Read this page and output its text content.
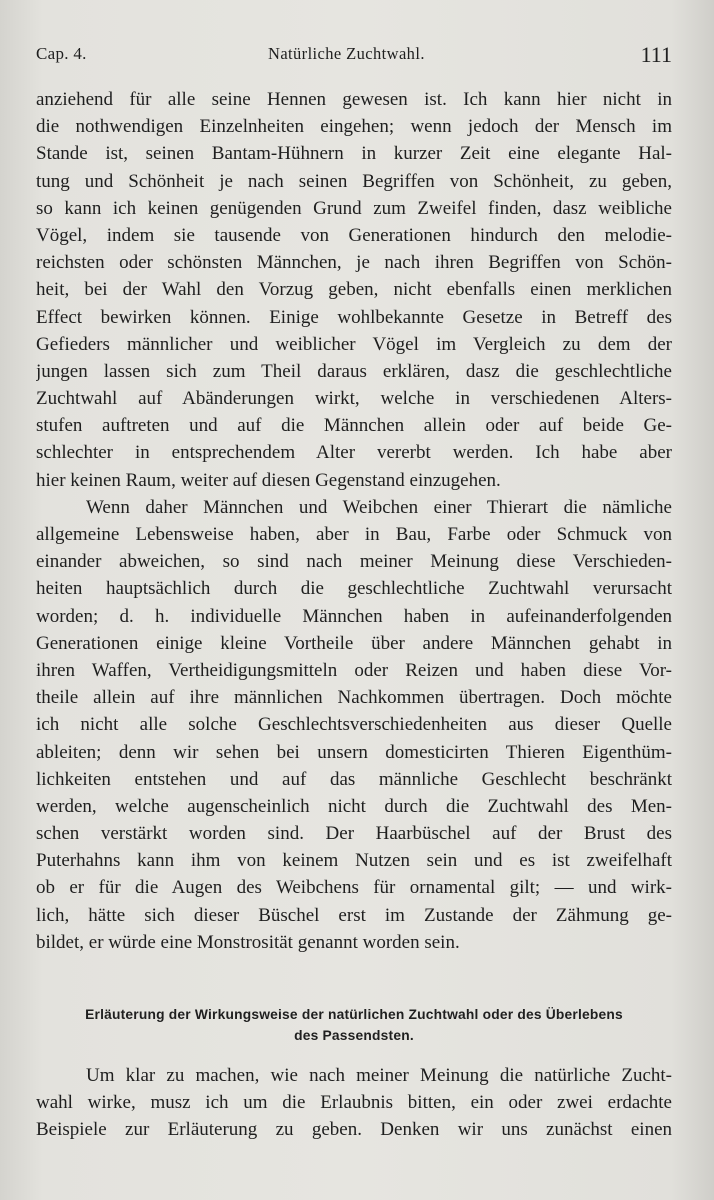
Cap. 4.	Natürliche Zuchtwahl.	111
anziehend für alle seine Hennen gewesen ist. Ich kann hier nicht in
die nothwendigen Einzelnheiten eingehen; wenn jedoch der Mensch im
Stande ist, seinen Bantam-Hühnern in kurzer Zeit eine elegante Hal-
tung und Schönheit je nach seinen Begriffen von Schönheit, zu geben,
so kann ich keinen genügenden Grund zum Zweifel finden, dasz weibliche
Vögel, indem sie tausende von Generationen hindurch den melodie-
reichsten oder schönsten Männchen, je nach ihren Begriffen von Schön-
heit, bei der Wahl den Vorzug geben, nicht ebenfalls einen merklichen
Effect bewirken können. Einige wohlbekannte Gesetze in Betreff des
Gefieders männlicher und weiblicher Vögel im Vergleich zu dem der
jungen lassen sich zum Theil daraus erklären, dasz die geschlechtliche
Zuchtwahl auf Abänderungen wirkt, welche in verschiedenen Alters-
stufen auftreten und auf die Männchen allein oder auf beide Ge-
schlechter in entsprechendem Alter vererbt werden. Ich habe aber
hier keinen Raum, weiter auf diesen Gegenstand einzugehen.
Wenn daher Männchen und Weibchen einer Thierart die nämliche
allgemeine Lebensweise haben, aber in Bau, Farbe oder Schmuck von
einander abweichen, so sind nach meiner Meinung diese Verschieden-
heiten hauptsächlich durch die geschlechtliche Zuchtwahl verursacht
worden; d. h. individuelle Männchen haben in aufeinanderfolgenden
Generationen einige kleine Vortheile über andere Männchen gehabt in
ihren Waffen, Vertheidigungsmitteln oder Reizen und haben diese Vor-
theile allein auf ihre männlichen Nachkommen übertragen. Doch möchte
ich nicht alle solche Geschlechtsverschiedenheiten aus dieser Quelle
ableiten; denn wir sehen bei unsern domesticirten Thieren Eigenthüm-
lichkeiten entstehen und auf das männliche Geschlecht beschränkt
werden, welche augenscheinlich nicht durch die Zuchtwahl des Men-
schen verstärkt worden sind. Der Haarbüschel auf der Brust des
Puterhahns kann ihm von keinem Nutzen sein und es ist zweifelhaft
ob er für die Augen des Weibchens für ornamental gilt; — und wirk-
lich, hätte sich dieser Büschel erst im Zustande der Zähmung ge-
bildet, er würde eine Monstrosität genannt worden sein.
Erläuterung der Wirkungsweise der natürlichen Zuchtwahl oder des Überlebens
des Passendsten.
Um klar zu machen, wie nach meiner Meinung die natürliche Zucht-
wahl wirke, musz ich um die Erlaubnis bitten, ein oder zwei erdachte
Beispiele zur Erläuterung zu geben. Denken wir uns zunächst einen
